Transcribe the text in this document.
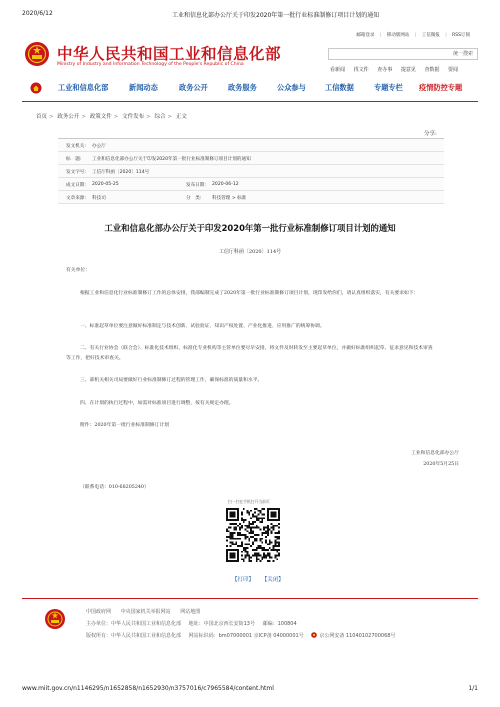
2020/6/12	工业和信息化部办公厅关于印发2020年第一批行业标准制修订项目计划的通知
中华人民共和国工业和信息化部
Ministry of Industry and Information Technology of the People's Republic of China
邮箱登录 | 移动版网站 | 工信微报 | RSS订阅
统一搜索
看新闻 找文件 查办事 提意见 查数据 要闻
工业和信息化部	新闻动态	政务公开	政务服务	公众参与	工信数据	专题专栏 疫情防控专题
首页 > 政务公开 > 政策文件 > 文件发布 > 综合 > 正文
分享:
发文机关: 办公厅
标　题: 工业和信息化部办公厅关于印发2020年第一批行业标准制修订项目计划的通知
发文字号: 工信厅科函〔2020〕114号
成文日期: 2020-05-25	发布日期: 2020-06-12
文章来源: 科技司	分　类: 科技管理 > 标准
工业和信息化部办公厅关于印发2020年第一批行业标准制修订项目计划的通知
工信厅科函〔2020〕114号
有关单位：
根据工业和信息化行业标准制修订工作的总体安排，我部编制完成了2020年第一批行业标准制修订项目计划，现印发给你们，请认真组织落实，有关要求如下：
一、标准起草单位要注意做好标准制定与技术创新、试验验证、知识产权处置、产业化推进、应用推广的统筹协调。
二、有关行业协会（联合会）、标准化技术组织、标准化专业机构等主管单位要尽早安排，将文件及时转发至主要起草单位，并做好标准组织起草、征求意见和技术审查等工作，把好技术审查关。
三、部机关相关司局要做好行业标准制修订过程的管理工作，确保标准的质量和水平。
四、在计划的执行过程中，如需对标准项目进行调整，按有关规定办理。
附件：2020年第一批行业标准制修订计划
工业和信息化部办公厅
2020年5月25日
（联系电话：010-68205240）
扫一扫在手机打开当前页
【打印】 【关闭】
中国政府网 中央国家机关举报网站 网站地图
主办单位：中华人民共和国工业和信息化部 地址：中国北京西长安街13号 邮编：100804
版权所有：中华人民共和国工业和信息化部 网站标识码：bm07000001 京ICP备 04000001号	京公网安备 11040102700068号
www.miit.gov.cn/n1146295/n1652858/n1652930/n3757016/c7965584/content.html	1/1
